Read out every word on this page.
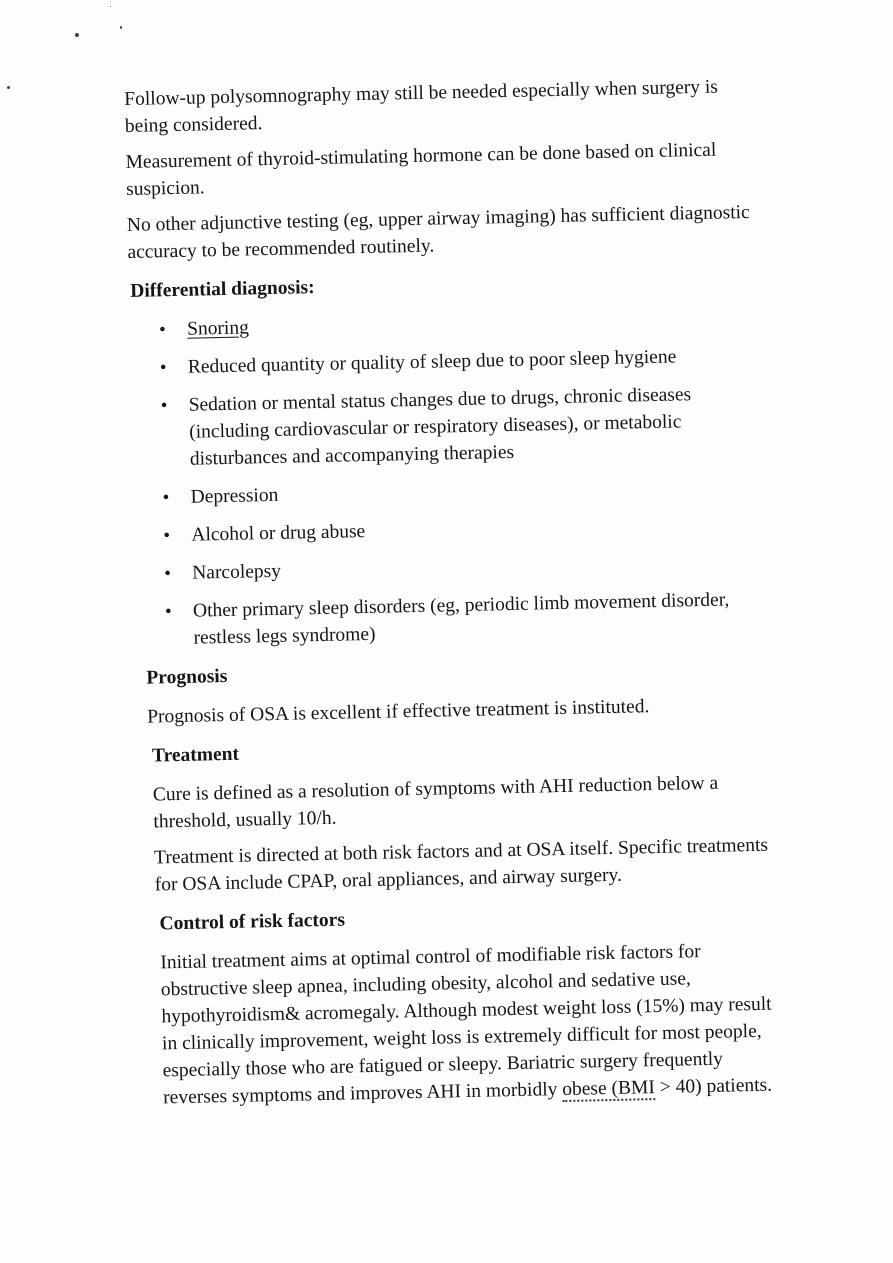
Follow-up polysomnography may still be needed especially when surgery is being considered.

Measurement of thyroid-stimulating hormone can be done based on clinical suspicion.

No other adjunctive testing (eg, upper airway imaging) has sufficient diagnostic accuracy to be recommended routinely.

Differential diagnosis:
• Snoring
• Reduced quantity or quality of sleep due to poor sleep hygiene
• Sedation or mental status changes due to drugs, chronic diseases (including cardiovascular or respiratory diseases), or metabolic disturbances and accompanying therapies
• Depression
• Alcohol or drug abuse
• Narcolepsy
• Other primary sleep disorders (eg, periodic limb movement disorder, restless legs syndrome)
Prognosis

Prognosis of OSA is excellent if effective treatment is instituted.

Treatment

Cure is defined as a resolution of symptoms with AHI reduction below a threshold, usually 10/h.

Treatment is directed at both risk factors and at OSA itself. Specific treatments for OSA include CPAP, oral appliances, and airway surgery.

Control of risk factors

Initial treatment aims at optimal control of modifiable risk factors for obstructive sleep apnea, including obesity, alcohol and sedative use, hypothyroidism& acromegaly. Although modest weight loss (15%) may result in clinically improvement, weight loss is extremely difficult for most people, especially those who are fatigued or sleepy. Bariatric surgery frequently reverses symptoms and improves AHI in morbidly obese (BMI > 40) patients.
